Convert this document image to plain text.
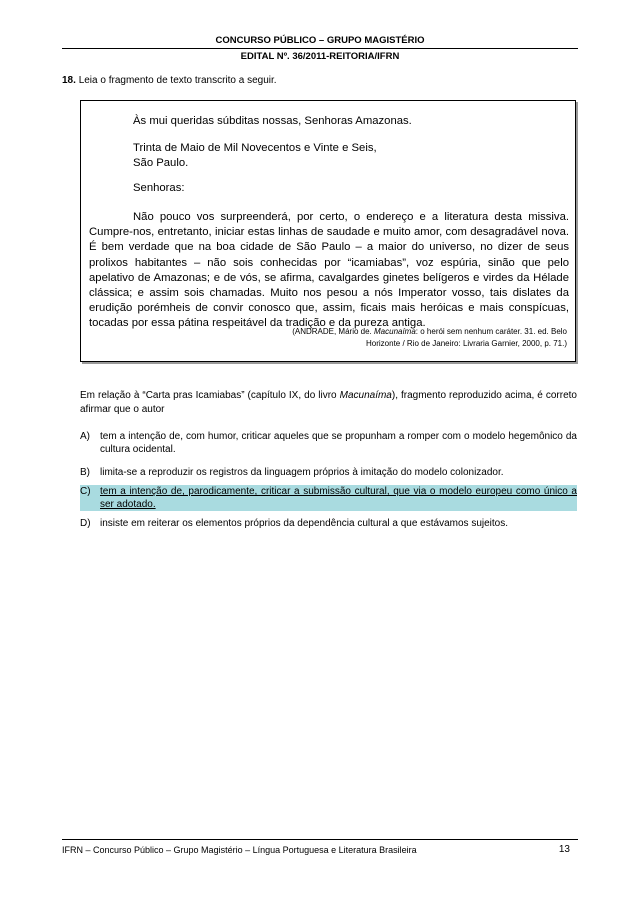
CONCURSO PÚBLICO – GRUPO MAGISTÉRIO
EDITAL Nº. 36/2011-REITORIA/IFRN
18. Leia o fragmento de texto transcrito a seguir.
Às mui queridas súbditas nossas, Senhoras Amazonas.
Trinta de Maio de Mil Novecentos e Vinte e Seis,
São Paulo.
Senhoras:
Não pouco vos surpreenderá, por certo, o endereço e a literatura desta missiva. Cumpre-nos, entretanto, iniciar estas linhas de saudade e muito amor, com desagradável nova. É bem verdade que na boa cidade de São Paulo – a maior do universo, no dizer de seus prolixos habitantes – não sois conhecidas por “icamiabas”, voz espúria, sinão que pelo apelativo de Amazonas; e de vós, se afirma, cavalgardes ginetes belígeros e virdes da Hélade clássica; e assim sois chamadas. Muito nos pesou a nós Imperator vosso, tais dislates da erudição porémheis de convir conosco que, assim, ficais mais heróicas e mais conspícuas, tocadas por essa pátina respeitável da tradição e da pureza antiga.
(ANDRADE, Mário de. Macunaíma: o herói sem nenhum caráter. 31. ed. Belo Horizonte / Rio de Janeiro: Livraria Garnier, 2000, p. 71.)
Em relação à “Carta pras Icamiabas” (capítulo IX, do livro Macunaíma), fragmento reproduzido acima, é correto afirmar que o autor
A)	tem a intenção de, com humor, criticar aqueles que se propunham a romper com o modelo hegemônico da cultura ocidental.
B)	limita-se a reproduzir os registros da linguagem próprios à imitação do modelo colonizador.
C) tem a intenção de, parodicamente, criticar a submissão cultural, que via o modelo europeu como único a ser adotado.
D) insiste em reiterar os elementos próprios da dependência cultural a que estávamos sujeitos.
IFRN – Concurso Público – Grupo Magistério – Língua Portuguesa e Literatura Brasileira	13
